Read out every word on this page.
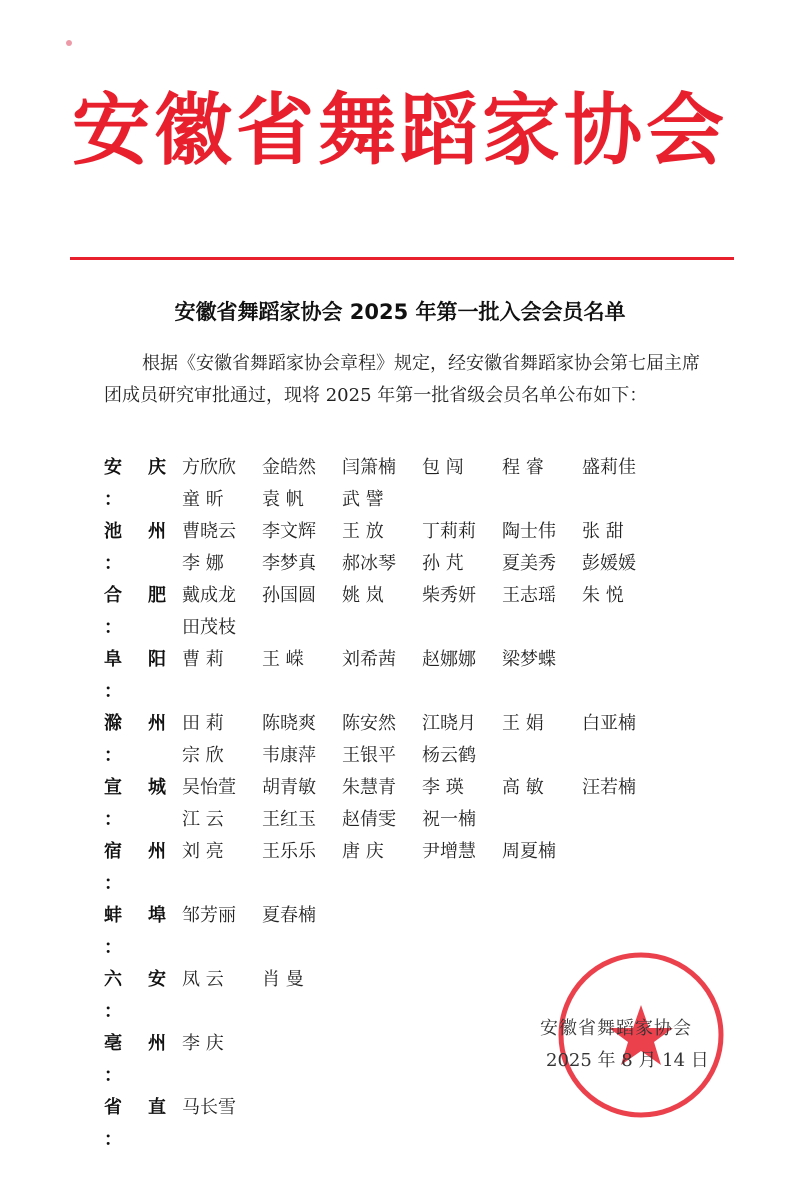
安徽省舞蹈家协会
安徽省舞蹈家协会 2025 年第一批入会会员名单

根据《安徽省舞蹈家协会章程》规定，经安徽省舞蹈家协会第七届主席团成员研究审批通过，现将 2025 年第一批省级会员名单公布如下：

安 庆：
方欣欣	金皓然	闫箫楠	包 闯	程 睿	盛莉佳
童 昕	袁 帆	武 譬
池 州：
曹晓云	李文辉	王 放	丁莉莉	陶士伟	张 甜
李 娜	李梦真	郝冰琴	孙 芃	夏美秀	彭媛媛
合 肥：
戴成龙	孙国圆	姚 岚	柴秀妍	王志瑶	朱 悦
田茂枝
阜 阳：
曹 莉	王 嵘	刘希茜	赵娜娜	梁梦蝶
滁 州：
田 莉	陈晓爽	陈安然	江晓月	王 娟	白亚楠
宗 欣	韦康萍	王银平	杨云鹤
宣 城：
吴怡萱	胡青敏	朱慧青	李 瑛	高 敏	汪若楠
江 云	王红玉	赵倩雯	祝一楠
宿 州：
刘 亮	王乐乐	唐 庆	尹增慧	周夏楠
蚌 埠：
邹芳丽	夏春楠
六 安：
凤 云	肖 曼
亳 州：
李 庆
省 直：
马长雪
安徽省舞蹈家协会
2025 年 8 月 14 日
